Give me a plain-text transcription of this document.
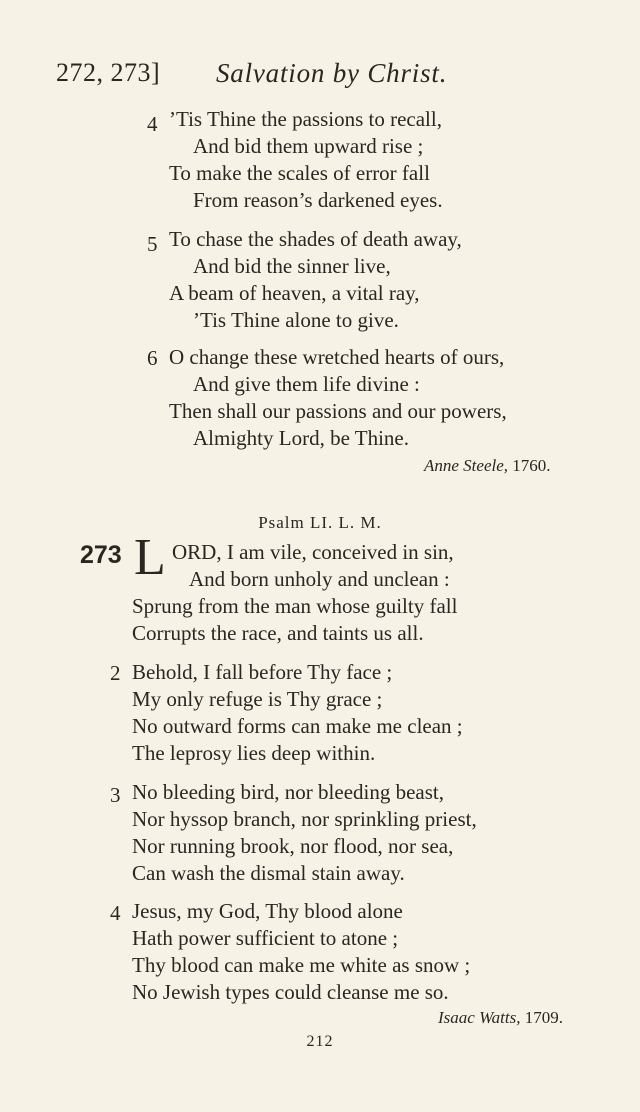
272, 273] Salvation by Christ.
4 ’Tis Thine the passions to recall,
And bid them upward rise ;
To make the scales of error fall
From reason’s darkened eyes.
5 To chase the shades of death away,
And bid the sinner live,
A beam of heaven, a vital ray,
’Tis Thine alone to give.
6 O change these wretched hearts of ours,
And give them life divine :
Then shall our passions and our powers,
Almighty Lord, be Thine.
Anne Steele, 1760.
Psalm LI. L. M.
273 L ORD, I am vile, conceived in sin,
And born unholy and unclean :
Sprung from the man whose guilty fall
Corrupts the race, and taints us all.
2 Behold, I fall before Thy face ;
My only refuge is Thy grace ;
No outward forms can make me clean ;
The leprosy lies deep within.
3 No bleeding bird, nor bleeding beast,
Nor hyssop branch, nor sprinkling priest,
Nor running brook, nor flood, nor sea,
Can wash the dismal stain away.
4 Jesus, my God, Thy blood alone
Hath power sufficient to atone ;
Thy blood can make me white as snow ;
No Jewish types could cleanse me so.
Isaac Watts, 1709.
212
